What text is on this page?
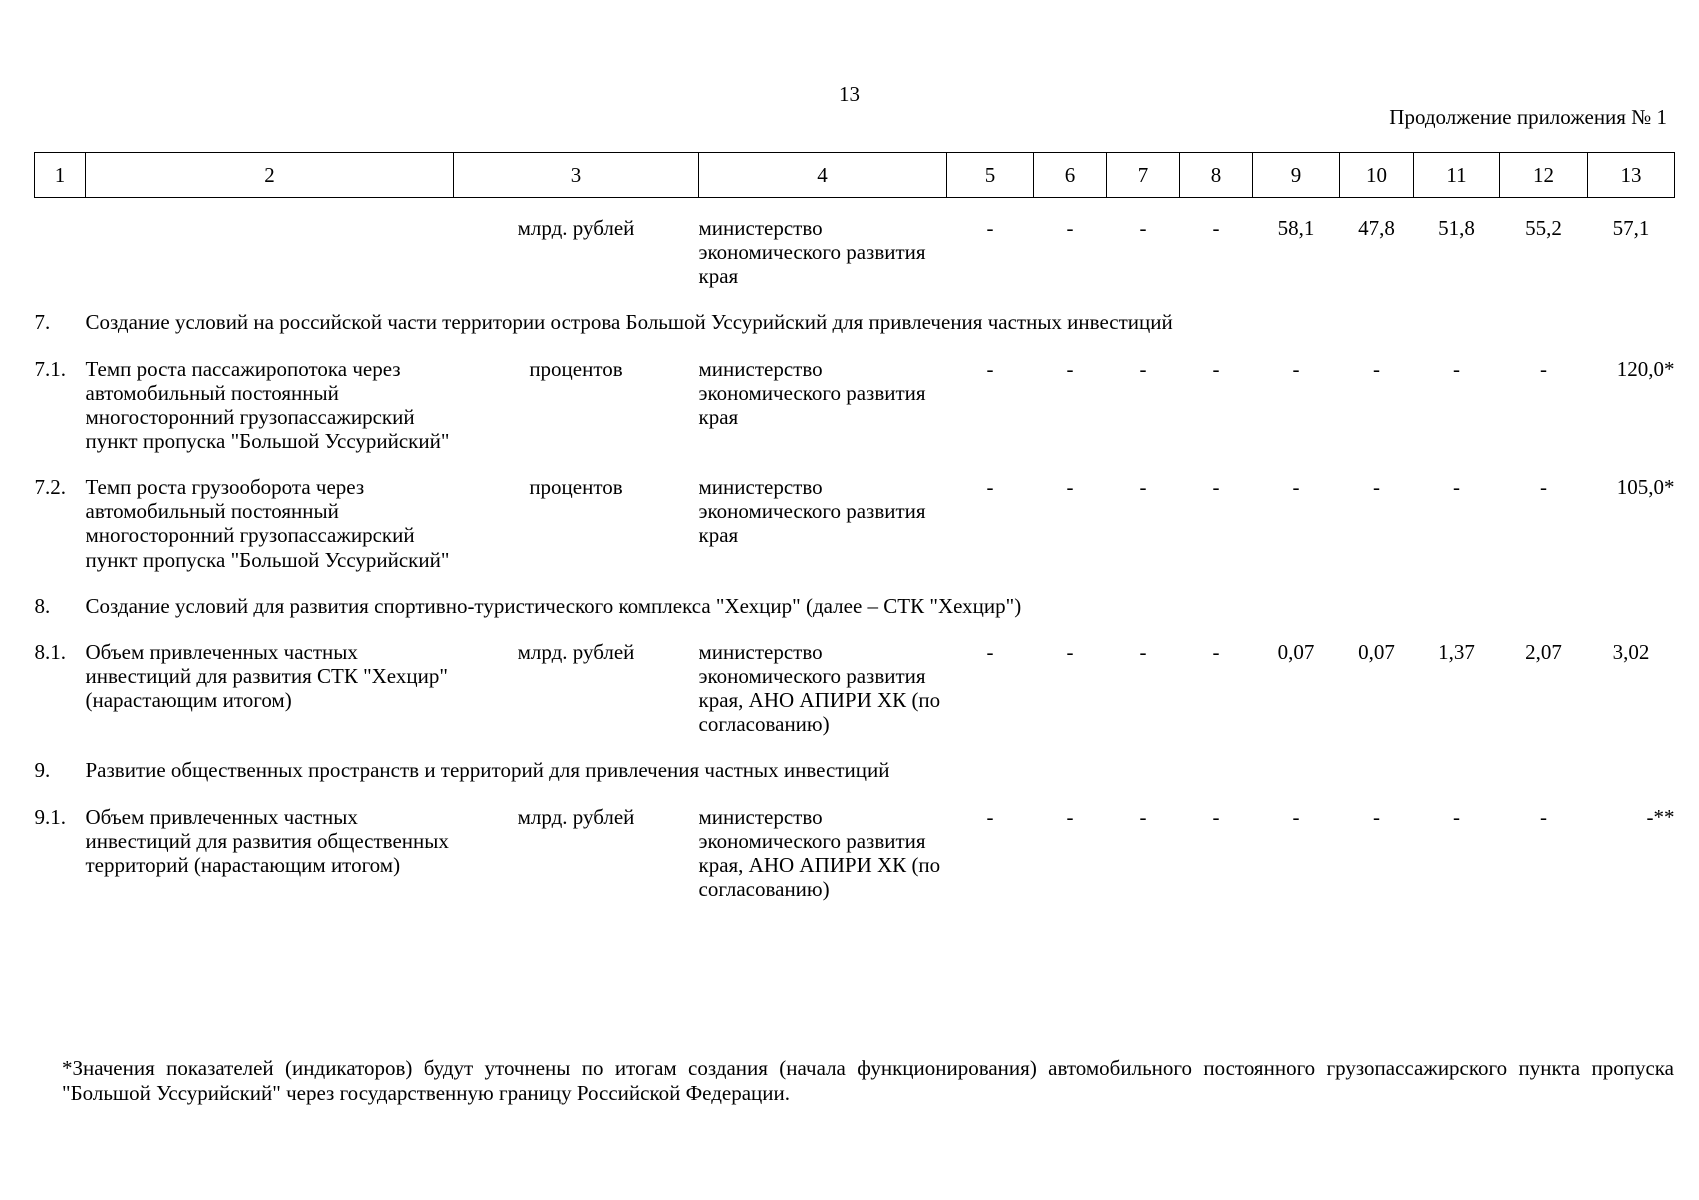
13
Продолжение приложения № 1
1	2	3	4	5	6	7	8	9	10	11	12	13

		млрд. рублей	министерство экономического развития края	-	-	-	-	58,1	47,8	51,8	55,2	57,1

7.	Создание условий на российской части территории острова Большой Уссурийский для привлечения частных инвестиций											

7.1.	Темп роста пассажиропотока через автомобильный постоянный многосторонний грузопассажирский пункт пропуска "Большой Уссурийский"	процентов	министерство экономического развития края	-	-	-	-	-	-	-	-	120,0*

7.2.	Темп роста грузооборота через автомобильный постоянный многосторонний грузопассажирский пункт пропуска "Большой Уссурийский"	процентов	министерство экономического развития края	-	-	-	-	-	-	-	-	105,0*

8.	Создание условий для развития спортивно-туристического комплекса "Хехцир" (далее – СТК "Хехцир")											

8.1.	Объем привлеченных частных инвестиций для развития СТК "Хехцир" (нарастающим итогом)	млрд. рублей	министерство экономического развития края, АНО АПИРИ ХК (по согласованию)	-	-	-	-	0,07	0,07	1,37	2,07	3,02

9.	Развитие общественных пространств и территорий для привлечения частных инвестиций											

9.1.	Объем привлеченных частных инвестиций для развития общественных территорий (нарастающим итогом)	млрд. рублей	министерство экономического развития края, АНО АПИРИ ХК (по согласованию)	-	-	-	-	-	-	-	-	-**
*Значения показателей (индикаторов) будут уточнены по итогам создания (начала функционирования) автомобильного постоянного грузопассажирского пункта пропуска "Большой Уссурийский" через государственную границу Российской Федерации.
